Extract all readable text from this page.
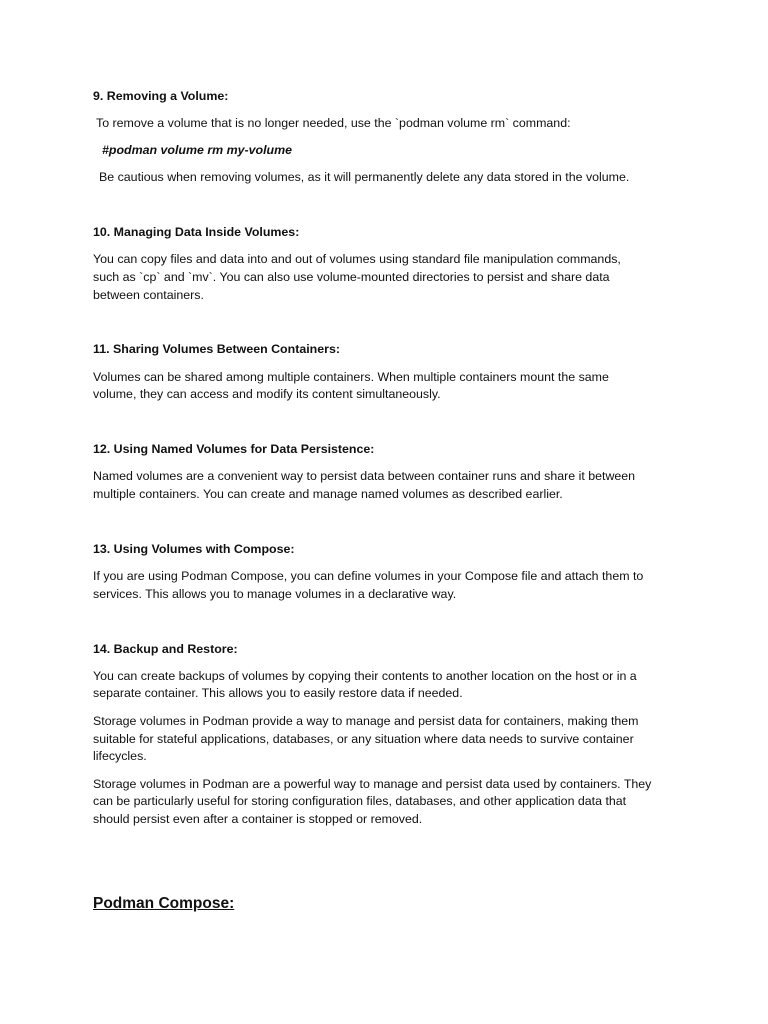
9. Removing a Volume:

To remove a volume that is no longer needed, use the `podman volume rm` command:

#podman volume rm my-volume

Be cautious when removing volumes, as it will permanently delete any data stored in the volume.

10. Managing Data Inside Volumes:

You can copy files and data into and out of volumes using standard file manipulation commands,

such as `cp` and `mv`. You can also use volume-mounted directories to persist and share data

between containers.

11. Sharing Volumes Between Containers:

Volumes can be shared among multiple containers. When multiple containers mount the same

volume, they can access and modify its content simultaneously.

12. Using Named Volumes for Data Persistence:

Named volumes are a convenient way to persist data between container runs and share it between

multiple containers. You can create and manage named volumes as described earlier.

13. Using Volumes with Compose:

If you are using Podman Compose, you can define volumes in your Compose file and attach them to

services. This allows you to manage volumes in a declarative way.

14. Backup and Restore:

You can create backups of volumes by copying their contents to another location on the host or in a

separate container. This allows you to easily restore data if needed.

Storage volumes in Podman provide a way to manage and persist data for containers, making them

suitable for stateful applications, databases, or any situation where data needs to survive container

lifecycles.

Storage volumes in Podman are a powerful way to manage and persist data used by containers. They

can be particularly useful for storing configuration files, databases, and other application data that

should persist even after a container is stopped or removed.

Podman Compose:
